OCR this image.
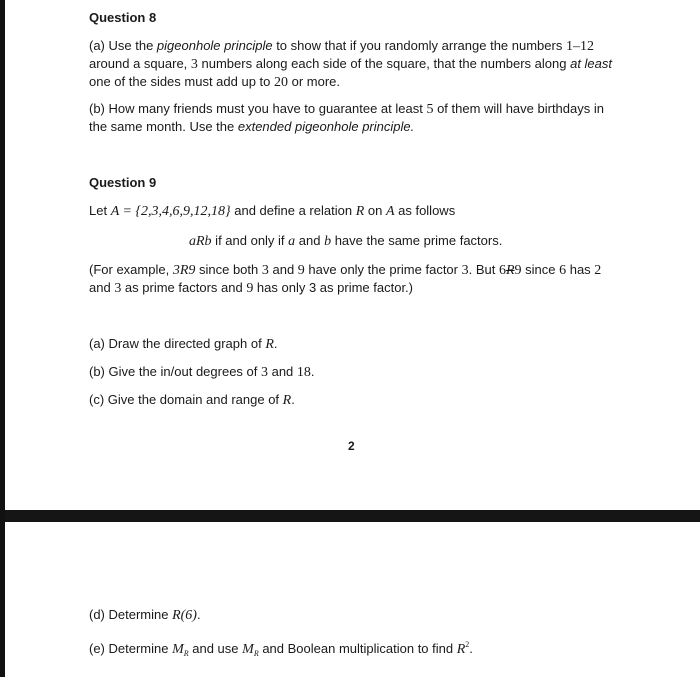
Question 8
(a) Use the pigeonhole principle to show that if you randomly arrange the numbers 1–12
around a square, 3 numbers along each side of the square, that the numbers along at least
one of the sides must add up to 20 or more.
(b) How many friends must you have to guarantee at least 5 of them will have birthdays in
the same month. Use the extended pigeonhole principle.
Question 9
Let A = {2,3,4,6,9,12,18} and define a relation R on A as follows
aRb if and only if a and b have the same prime factors.
(For example, 3R9 since both 3 and 9 have only the prime factor 3. But 6R9 since 6 has 2
and 3 as prime factors and 9 has only 3 as prime factor.)
(a) Draw the directed graph of R.
(b) Give the in/out degrees of 3 and 18.
(c) Give the domain and range of R.
2
(d) Determine R(6).
(e) Determine $M_R$ and use $M_R$ and Boolean multiplication to find $R^2$.
